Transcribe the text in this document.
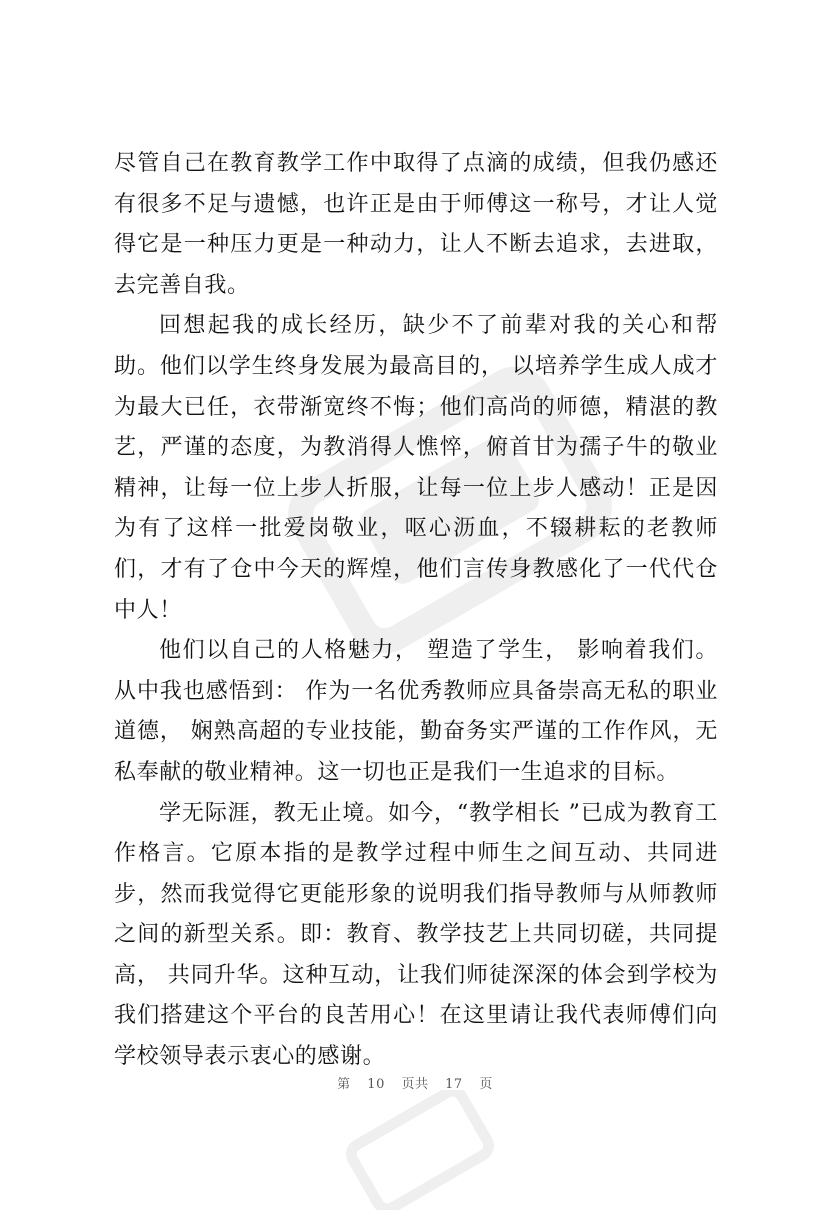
尽管自己在教育教学工作中取得了点滴的成绩，但我仍感还有很多不足与遗憾，也许正是由于师傅这一称号，才让人觉得它是一种压力更是一种动力，让人不断去追求，去进取，去完善自我。

回想起我的成长经历，缺少不了前辈对我的关心和帮助。他们以学生终身发展为最高目的， 以培养学生成人成才为最大已任，衣带渐宽终不悔；他们高尚的师德，精湛的教艺，严谨的态度，为教消得人憔悴，俯首甘为孺子牛的敬业精神，让每一位上步人折服，让每一位上步人感动！正是因为有了这样一批爱岗敬业，呕心沥血，不辍耕耘的老教师们，才有了仓中今天的辉煌，他们言传身教感化了一代代仓中人！

他们以自己的人格魅力， 塑造了学生， 影响着我们。 从中我也感悟到： 作为一名优秀教师应具备崇高无私的职业道德， 娴熟高超的专业技能，勤奋务实严谨的工作作风，无私奉献的敬业精神。这一切也正是我们一生追求的目标。

学无际涯，教无止境。如今，“教学相长 ”已成为教育工作格言。它原本指的是教学过程中师生之间互动、共同进步，然而我觉得它更能形象的说明我们指导教师与从师教师之间的新型关系。即：教育、教学技艺上共同切磋，共同提高， 共同升华。这种互动，让我们师徒深深的体会到学校为我们搭建这个平台的良苦用心！在这里请让我代表师傅们向学校领导表示衷心的感谢。

第 10 页共 17 页
